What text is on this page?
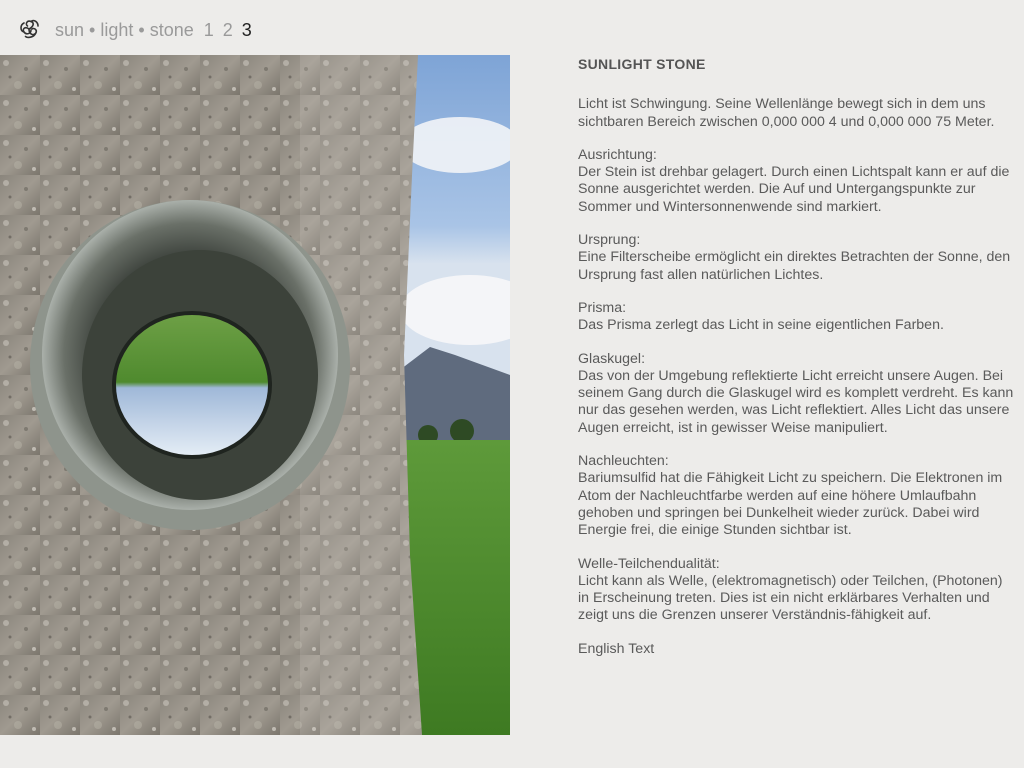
sun • light • stone 1 2 3
SUNLIGHT STONE
Licht ist Schwingung. Seine Wellenlänge bewegt sich in dem uns sichtbaren Bereich zwischen 0,000 000 4 und 0,000 000 75 Meter.
Ausrichtung:
Der Stein ist drehbar gelagert. Durch einen Lichtspalt kann er auf die Sonne ausgerichtet werden. Die Auf und Untergangspunkte zur Sommer und Wintersonnenwende sind markiert.
Ursprung:
Eine Filterscheibe ermöglicht ein direktes Betrachten der Sonne, den Ursprung fast allen natürlichen Lichtes.
Prisma:
Das Prisma zerlegt das Licht in seine eigentlichen Farben.
Glaskugel:
Das von der Umgebung reflektierte Licht erreicht unsere Augen. Bei seinem Gang durch die Glaskugel wird es komplett verdreht. Es kann nur das gesehen werden, was Licht reflektiert. Alles Licht das unsere Augen erreicht, ist in gewisser Weise manipuliert.
Nachleuchten:
Bariumsulfid hat die Fähigkeit Licht zu speichern. Die Elektronen im Atom der Nachleuchtfarbe werden auf eine höhere Umlaufbahn gehoben und springen bei Dunkelheit wieder zurück. Dabei wird Energie frei, die einige Stunden sichtbar ist.
Welle-Teilchendualität:
Licht kann als Welle, (elektromagnetisch) oder Teilchen, (Photonen) in Erscheinung treten. Dies ist ein nicht erklärbares Verhalten und zeigt uns die Grenzen unserer Verständnis-fähigkeit auf.
English Text
